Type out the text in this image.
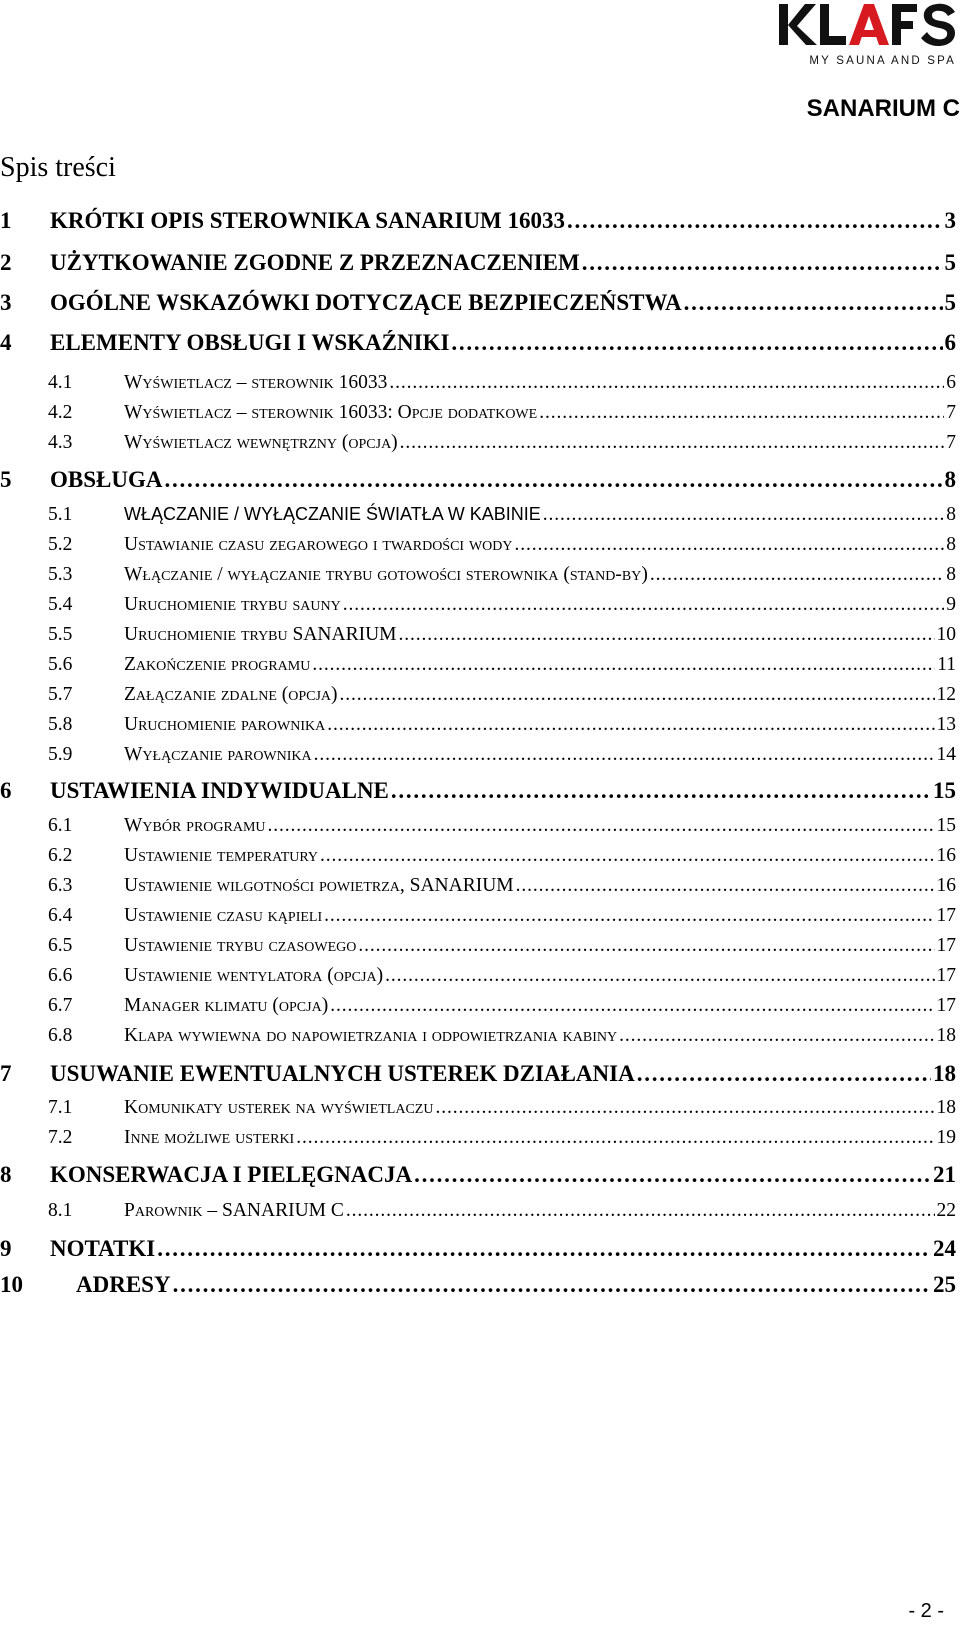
MY SAUNA AND SPA
SANARIUM C
Spis treści
1	KRÓTKI OPIS STEROWNIKA SANARIUM 16033 . . .	3
2	UŻYTKOWANIE ZGODNE Z PRZEZNACZENIEM . . .	5
3	OGÓLNE WSKAZÓWKI DOTYCZĄCE BEZPIECZEŃSTWA . . .	5
4	ELEMENTY OBSŁUGI I WSKAŹNIKI . . .	6
4.1	Wyświetlacz – sterownik 16033 . . .	6
4.2	Wyświetlacz – sterownik 16033: Opcje dodatkowe . . .	7
4.3	Wyświetlacz wewnętrzny (opcja) . . .	7
5	OBSŁUGA . . .	8
5.1	WŁĄCZANIE / WYŁĄCZANIE ŚWIATŁA W KABINIE . . .	8
5.2	Ustawianie czasu zegarowego i twardości wody . . .	8
5.3	Włączanie / wyłączanie trybu gotowości sterownika (stand-by) . . .	8
5.4	Uruchomienie trybu sauny . . .	9
5.5	Uruchomienie trybu SANARIUM . . .	10
5.6	Zakończenie programu . . .	11
5.7	Załączanie zdalne (opcja) . . .	12
5.8	Uruchomienie parownika . . .	13
5.9	Wyłączanie parownika . . .	14
6	USTAWIENIA INDYWIDUALNE . . .	15
6.1	Wybór programu . . .	15
6.2	Ustawienie temperatury . . .	16
6.3	Ustawienie wilgotności powietrza, SANARIUM . . .	16
6.4	Ustawienie czasu kąpieli . . .	17
6.5	Ustawienie trybu czasowego . . .	17
6.6	Ustawienie wentylatora (opcja) . . .	17
6.7	Manager klimatu (opcja) . . .	17
6.8	Klapa wywiewna do napowietrzania i odpowietrzania kabiny . . .	18
7	USUWANIE EWENTUALNYCH USTEREK DZIAŁANIA . . .	18
7.1	Komunikaty usterek na wyświetlaczu . . .	18
7.2	Inne możliwe usterki . . .	19
8	KONSERWACJA I PIELĘGNACJA . . .	21
8.1	Parownik – SANARIUM C . . .	22
9	NOTATKI . . .	24
10	ADRESY . . .	25
- 2 -
